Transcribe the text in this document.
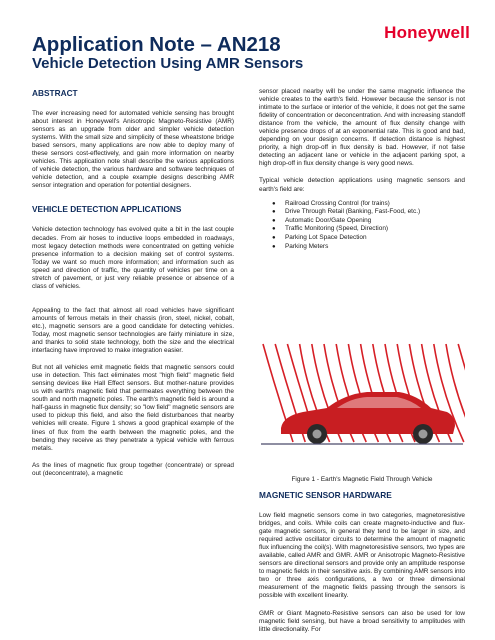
Application Note – AN218
Vehicle Detection Using AMR Sensors
Honeywell
ABSTRACT

The ever increasing need for automated vehicle sensing has brought about interest in Honeywell's Anisotropic Magneto-Resistive (AMR) sensors as an upgrade from older and simpler vehicle detection systems. With the small size and simplicity of these wheatstone bridge based sensors, many applications are now able to deploy many of these sensors cost-effectively, and gain more information on nearby vehicles. This application note shall describe the various applications of vehicle detection, the various hardware and software techniques of vehicle detection, and a couple example designs describing AMR sensor integration and operation for potential designers.

VEHICLE DETECTION APPLICATIONS

Vehicle detection technology has evolved quite a bit in the last couple decades. From air hoses to inductive loops embedded in roadways, most legacy detection methods were concentrated on getting vehicle presence information to a decision making set of control systems. Today we want so much more information; and information such as speed and direction of traffic, the quantity of vehicles per time on a stretch of pavement, or just very reliable presence or absence of a class of vehicles.

Appealing to the fact that almost all road vehicles have significant amounts of ferrous metals in their chassis (iron, steel, nickel, cobalt, etc.), magnetic sensors are a good candidate for detecting vehicles. Today, most magnetic sensor technologies are fairly miniature in size, and thanks to solid state technology, both the size and the electrical interfacing have improved to make integration easier.

But not all vehicles emit magnetic fields that magnetic sensors could use in detection. This fact eliminates most "high field" magnetic field sensing devices like Hall Effect sensors. But mother-nature provides us with earth's magnetic field that permeates everything between the south and north magnetic poles. The earth's magnetic field is around a half-gauss in magnetic flux density; so "low field" magnetic sensors are used to pickup this field, and also the field disturbances that nearby vehicles will create. Figure 1 shows a good graphical example of the lines of flux from the earth between the magnetic poles, and the bending they receive as they penetrate a typical vehicle with ferrous metals.

As the lines of magnetic flux group together (concentrate) or spread out (deconcentrate), a magnetic

sensor placed nearby will be under the same magnetic influence the vehicle creates to the earth's field. However because the sensor is not intimate to the surface or interior of the vehicle, it does not get the same fidelity of concentration or deconcentration. And with increasing standoff distance from the vehicle, the amount of flux density change with vehicle presence drops of at an exponential rate. This is good and bad, depending on your design concerns. If detection distance is highest priority, a high drop-off in flux density is bad. However, if not false detecting an adjacent lane or vehicle in the adjacent parking spot, a high drop-off in flux density change is very good news.

Typical vehicle detection applications using magnetic sensors and earth's field are:

● Railroad Crossing Control (for trains)
● Drive Through Retail (Banking, Fast-Food, etc.)
● Automatic Door/Gate Opening
● Traffic Monitoring (Speed, Direction)
● Parking Lot Space Detection
● Parking Meters

Figure 1 - Earth's Magnetic Field Through Vehicle

MAGNETIC SENSOR HARDWARE

Low field magnetic sensors come in two categories, magnetoresistive bridges, and coils. While coils can create magneto-inductive and flux-gate magnetic sensors, in general they tend to be larger in size, and required active oscillator circuits to determine the amount of magnetic flux influencing the coil(s). With magnetoresistive sensors, two types are available, called AMR and GMR. AMR or Anisotropic Magneto-Resistive sensors are directional sensors and provide only an amplitude response to magnetic fields in their sensitive axis. By combining AMR sensors into two or three axis configurations, a two or three dimensional measurement of the magnetic fields passing through the sensors is possible with excellent linearity.

GMR or Giant Magneto-Resistive sensors can also be used for low magnetic field sensing, but have a broad sensitivity to amplitudes with little directionality. For
